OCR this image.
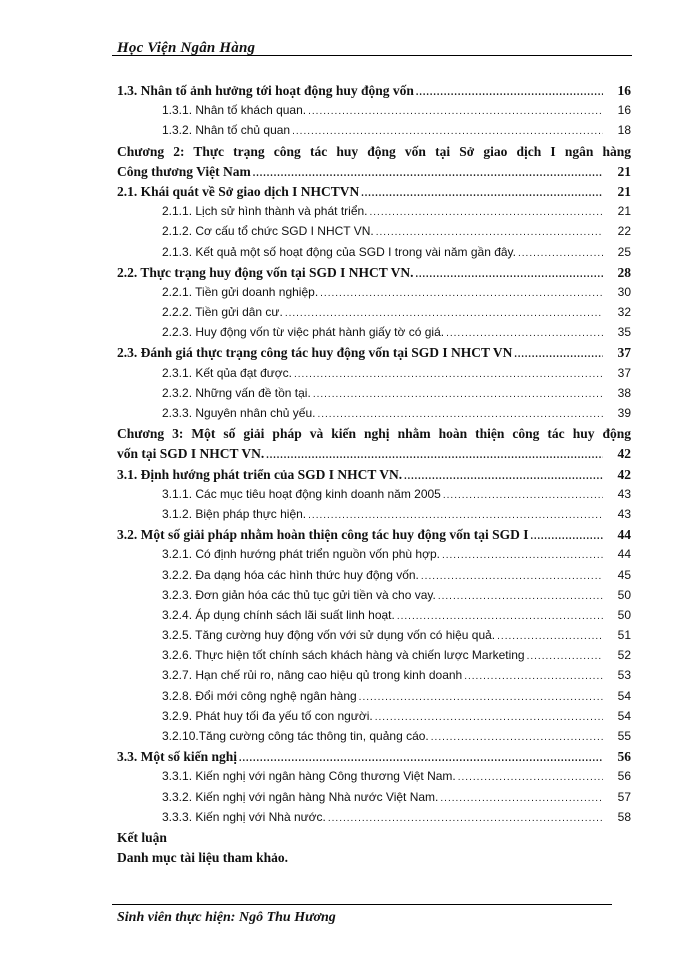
Học Viện Ngân Hàng
1.3. Nhân tố ảnh hưởng tới hoạt động huy động vốn .....	16
1.3.1. Nhân tố khách quan. .....	16
1.3.2. Nhân tố chủ quan .....	18
Chương 2: Thực trạng công tác huy động vốn tại Sở giao dịch I ngân hàng
Công thương Việt Nam .....	21
2.1. Khái quát về Sở giao dịch I NHCTVN .....	21
2.1.1. Lịch sử hình thành và phát triển. .....	21
2.1.2. Cơ cấu tổ chức SGD I NHCT VN. .....	22
2.1.3. Kết quả một số hoạt động của SGD I trong vài năm gần đây. .....	25
2.2. Thực trạng huy động vốn tại SGD I NHCT VN. .....	28
2.2.1. Tiền gửi doanh nghiệp. .....	30
2.2.2. Tiền gửi dân cư. .....	32
2.2.3. Huy động vốn từ việc phát hành giấy tờ có giá. .....	35
2.3. Đánh giá thực trạng công tác huy động vốn tại SGD I NHCT VN .....	37
2.3.1. Kết qủa đạt được. .....	37
2.3.2. Những vấn đề tồn tại. .....	38
2.3.3. Nguyên nhân chủ yếu. .....	39
Chương 3: Một số giải pháp và kiến nghị nhằm hoàn thiện công tác huy động
vốn tại SGD I NHCT VN. .....	42
3.1. Định hướng phát triển của SGD I NHCT VN. .....	42
3.1.1. Các mục tiêu hoạt động kinh doanh năm 2005 .....	43
3.1.2. Biện pháp thực hiện. .....	43
3.2. Một số giải pháp nhằm hoàn thiện công tác huy động vốn tại SGD I .....	44
3.2.1. Có định hướng phát triển nguồn vốn phù hợp. .....	44
3.2.2. Đa dạng hóa các hình thức huy động vốn. .....	45
3.2.3. Đơn giản hóa các thủ tục gửi tiền và cho vay. .....	50
3.2.4. Áp dụng chính sách lãi suất linh hoạt. .....	50
3.2.5. Tăng cường huy động vốn với sử dụng vốn có hiệu quả. .....	51
3.2.6. Thực hiện tốt chính sách khách hàng và chiến lược Marketing .....	52
3.2.7. Hạn chế rủi ro, nâng cao hiệu qủ trong kinh doanh .....	53
3.2.8. Đổi mới công nghệ ngân hàng .....	54
3.2.9. Phát huy tối đa yếu tố con người. .....	54
3.2.10.Tăng cường công tác thông tin, quảng cáo. .....	55
3.3. Một số kiến nghị .....	56
3.3.1. Kiến nghị với ngân hàng Công thương Việt Nam. .....	56
3.3.2. Kiến nghị với ngân hàng Nhà nước Việt Nam. .....	57
3.3.3. Kiến nghị với Nhà nước. .....	58
Kết luận
Danh mục tài liệu tham khảo.
Sinh viên thực hiện: Ngô Thu Hương
